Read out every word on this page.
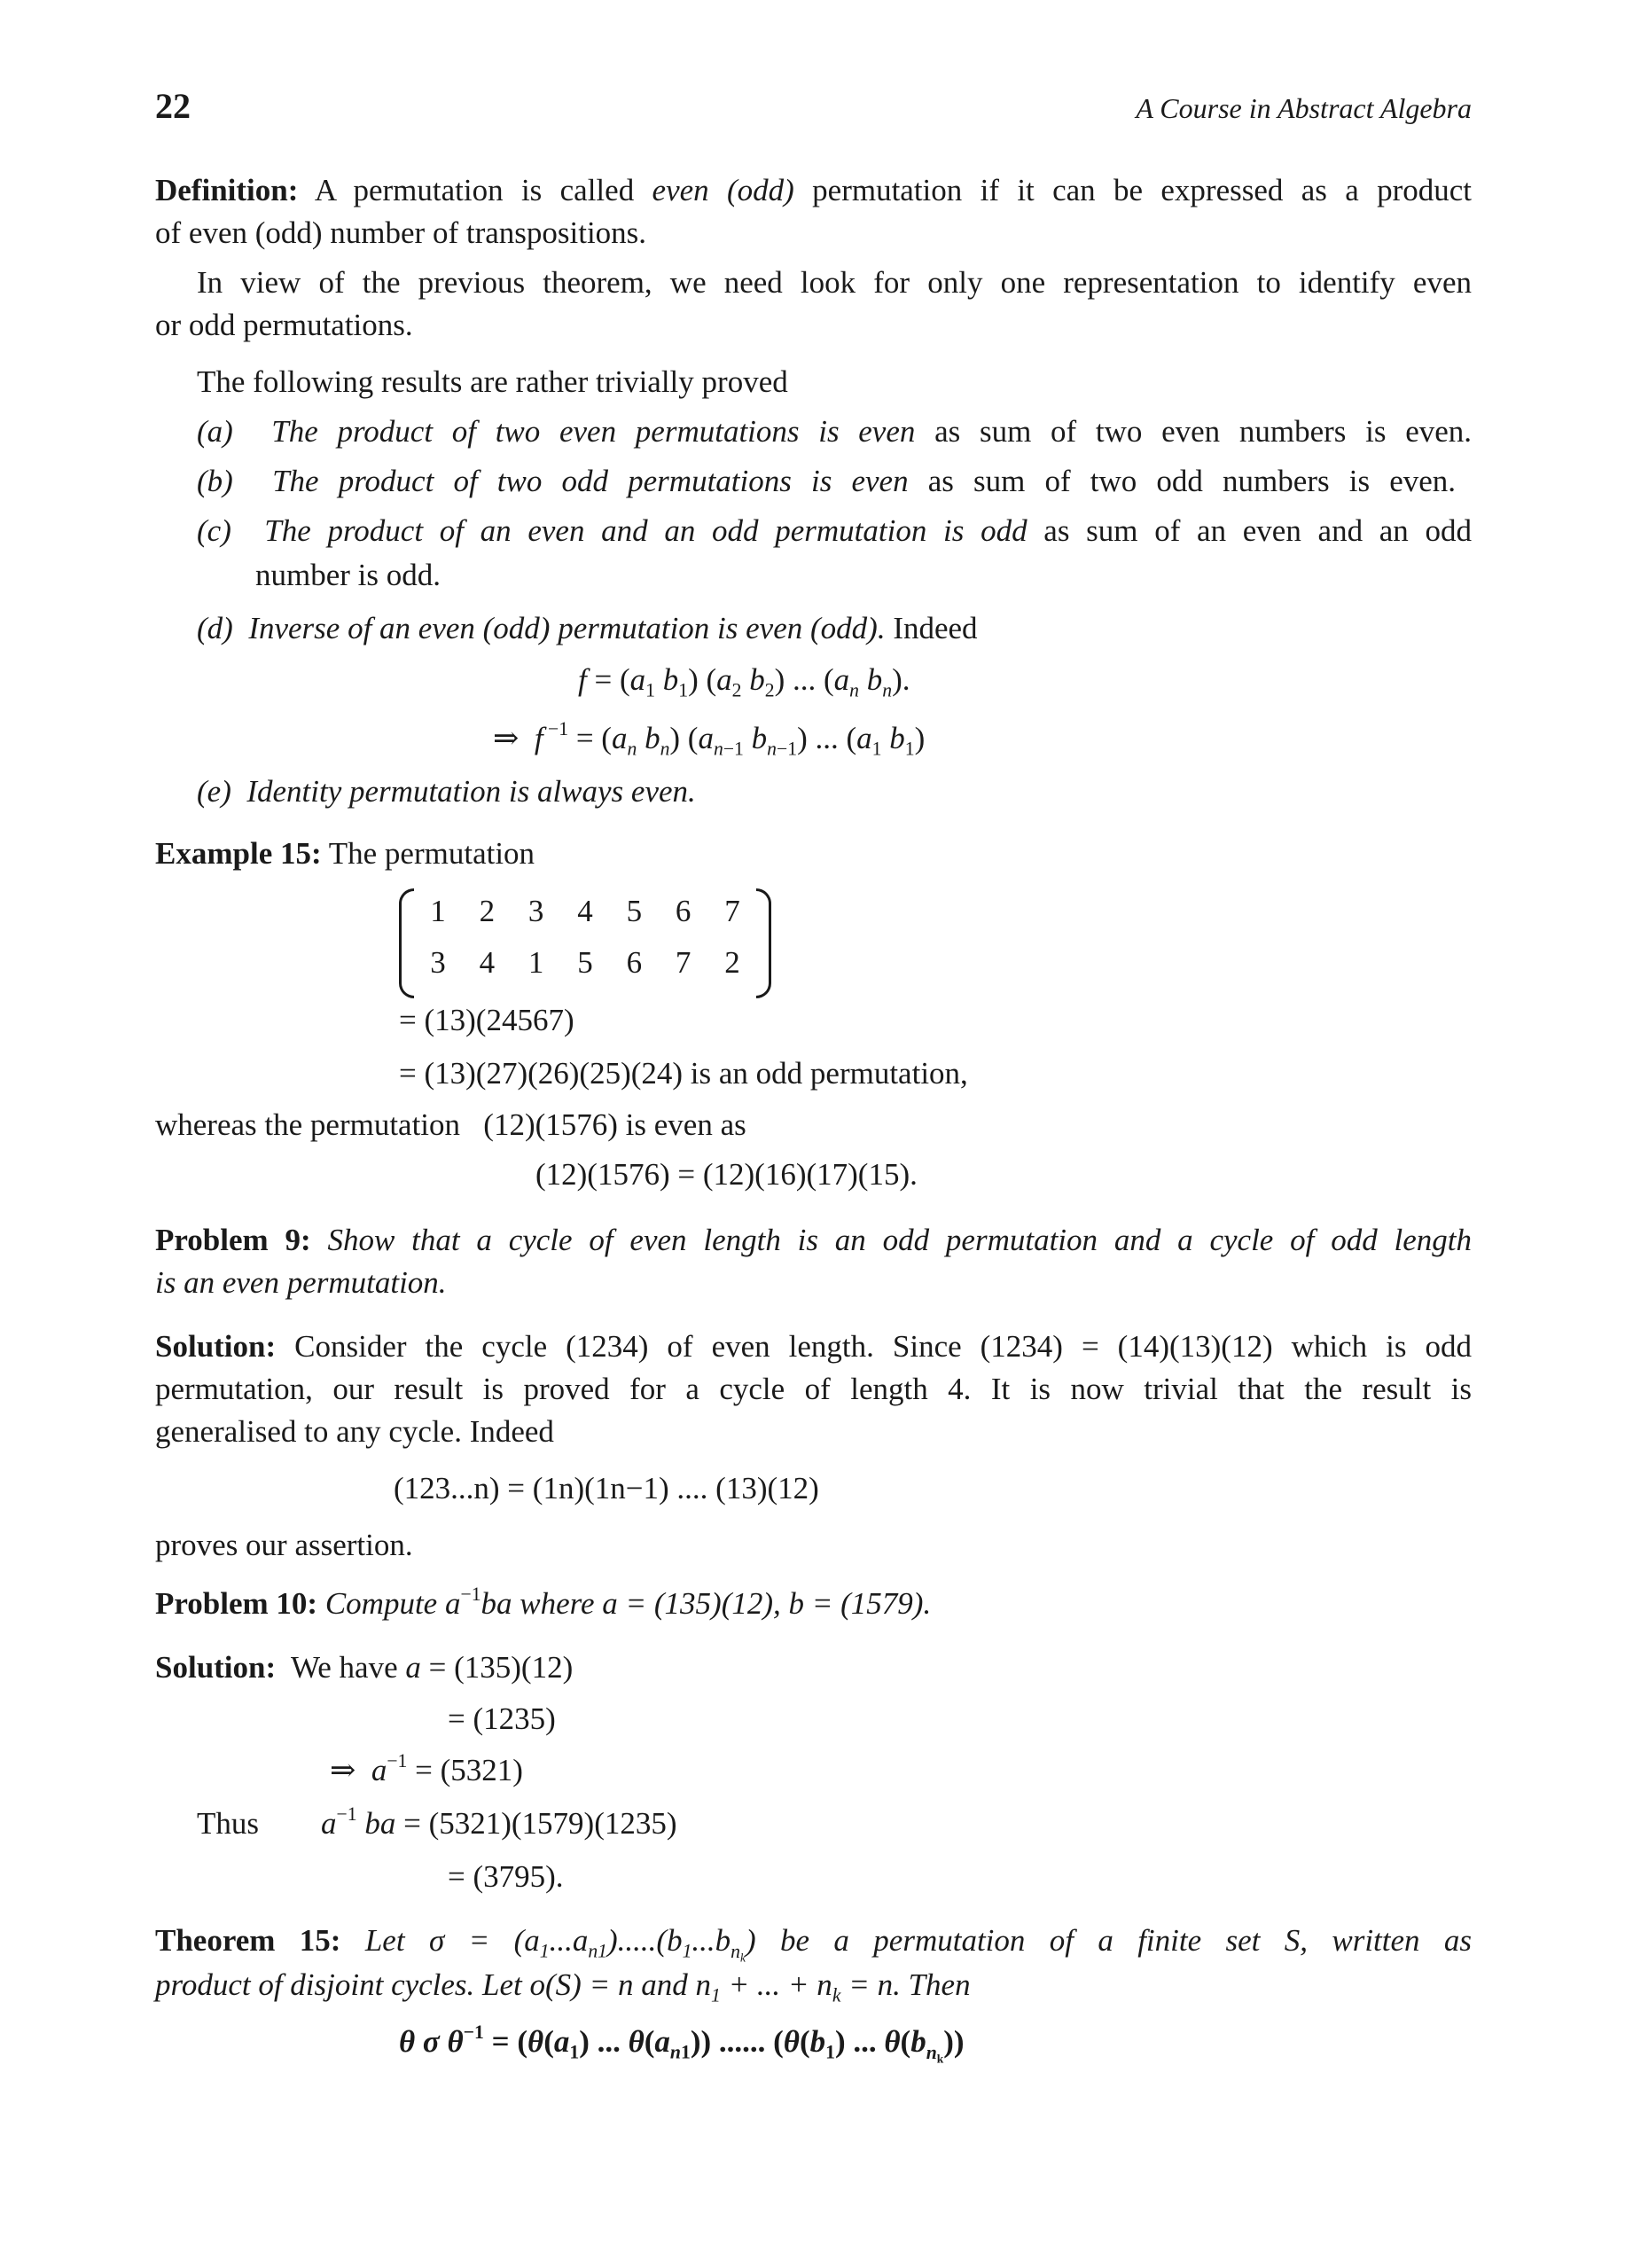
22	A Course in Abstract Algebra
Definition: A permutation is called even (odd) permutation if it can be expressed as a product
of even (odd) number of transpositions.
In view of the previous theorem, we need look for only one representation to identify even
or odd permutations.
The following results are rather trivially proved
(a) The product of two even permutations is even as sum of two even numbers is even.
(b) The product of two odd permutations is even as sum of two odd numbers is even.
(c) The product of an even and an odd permutation is odd as sum of an even and an odd
number is odd.
(d) Inverse of an even (odd) permutation is even (odd). Indeed
$f = (a_1$ $b_1$) ($a_2$ $b_2$) ... ($a_n$ $b_n$).
⇒  f $^{-1} = (a_n$ $b_n$) ($a_{n-1}$ $b_{n-1}$) ... ($a_1$ $b_1$)
(e) Identity permutation is always even.
Example 15: The permutation
1	2	3	4	5	6	7
3	4	1	5	6	7	2
= (13)(24567)
= (13)(27)(26)(25)(24) is an odd permutation,
whereas the permutation (12)(1576) is even as
(12)(1576) = (12)(16)(17)(15).
Problem 9: Show that a cycle of even length is an odd permutation and a cycle of odd length
is an even permutation.
Solution: Consider the cycle (1234) of even length. Since (1234) = (14)(13)(12) which is odd
permutation, our result is proved for a cycle of length 4. It is now trivial that the result is
generalised to any cycle. Indeed
(123...n) = (1n)(1n−1) .... (13)(12)
proves our assertion.
Problem 10: Compute $a^{-1}ba$ where a = (135)(12), b = (1579).
Solution: We have a = (135)(12)
= (1235)
⇒  $a^{-1} = (5321)$
Thus $a^{-1}$ ba = (5321)(1579)(1235)
= (3795).
Theorem 15: Let $\sigma = (a_1...a_{n1}).....(b_1...b_{n_k})$ be a permutation of a finite set S, written as
product of disjoint cycles. Let o(S) = n and $n_1$ + ... + $n_k = n$. Then
θ σ $\theta^{-1} = (\theta(a_1)$ ... $\theta(a_{n1})$) ...... ($\theta(b_1)$ ... $\theta(b_{n_k})$)
